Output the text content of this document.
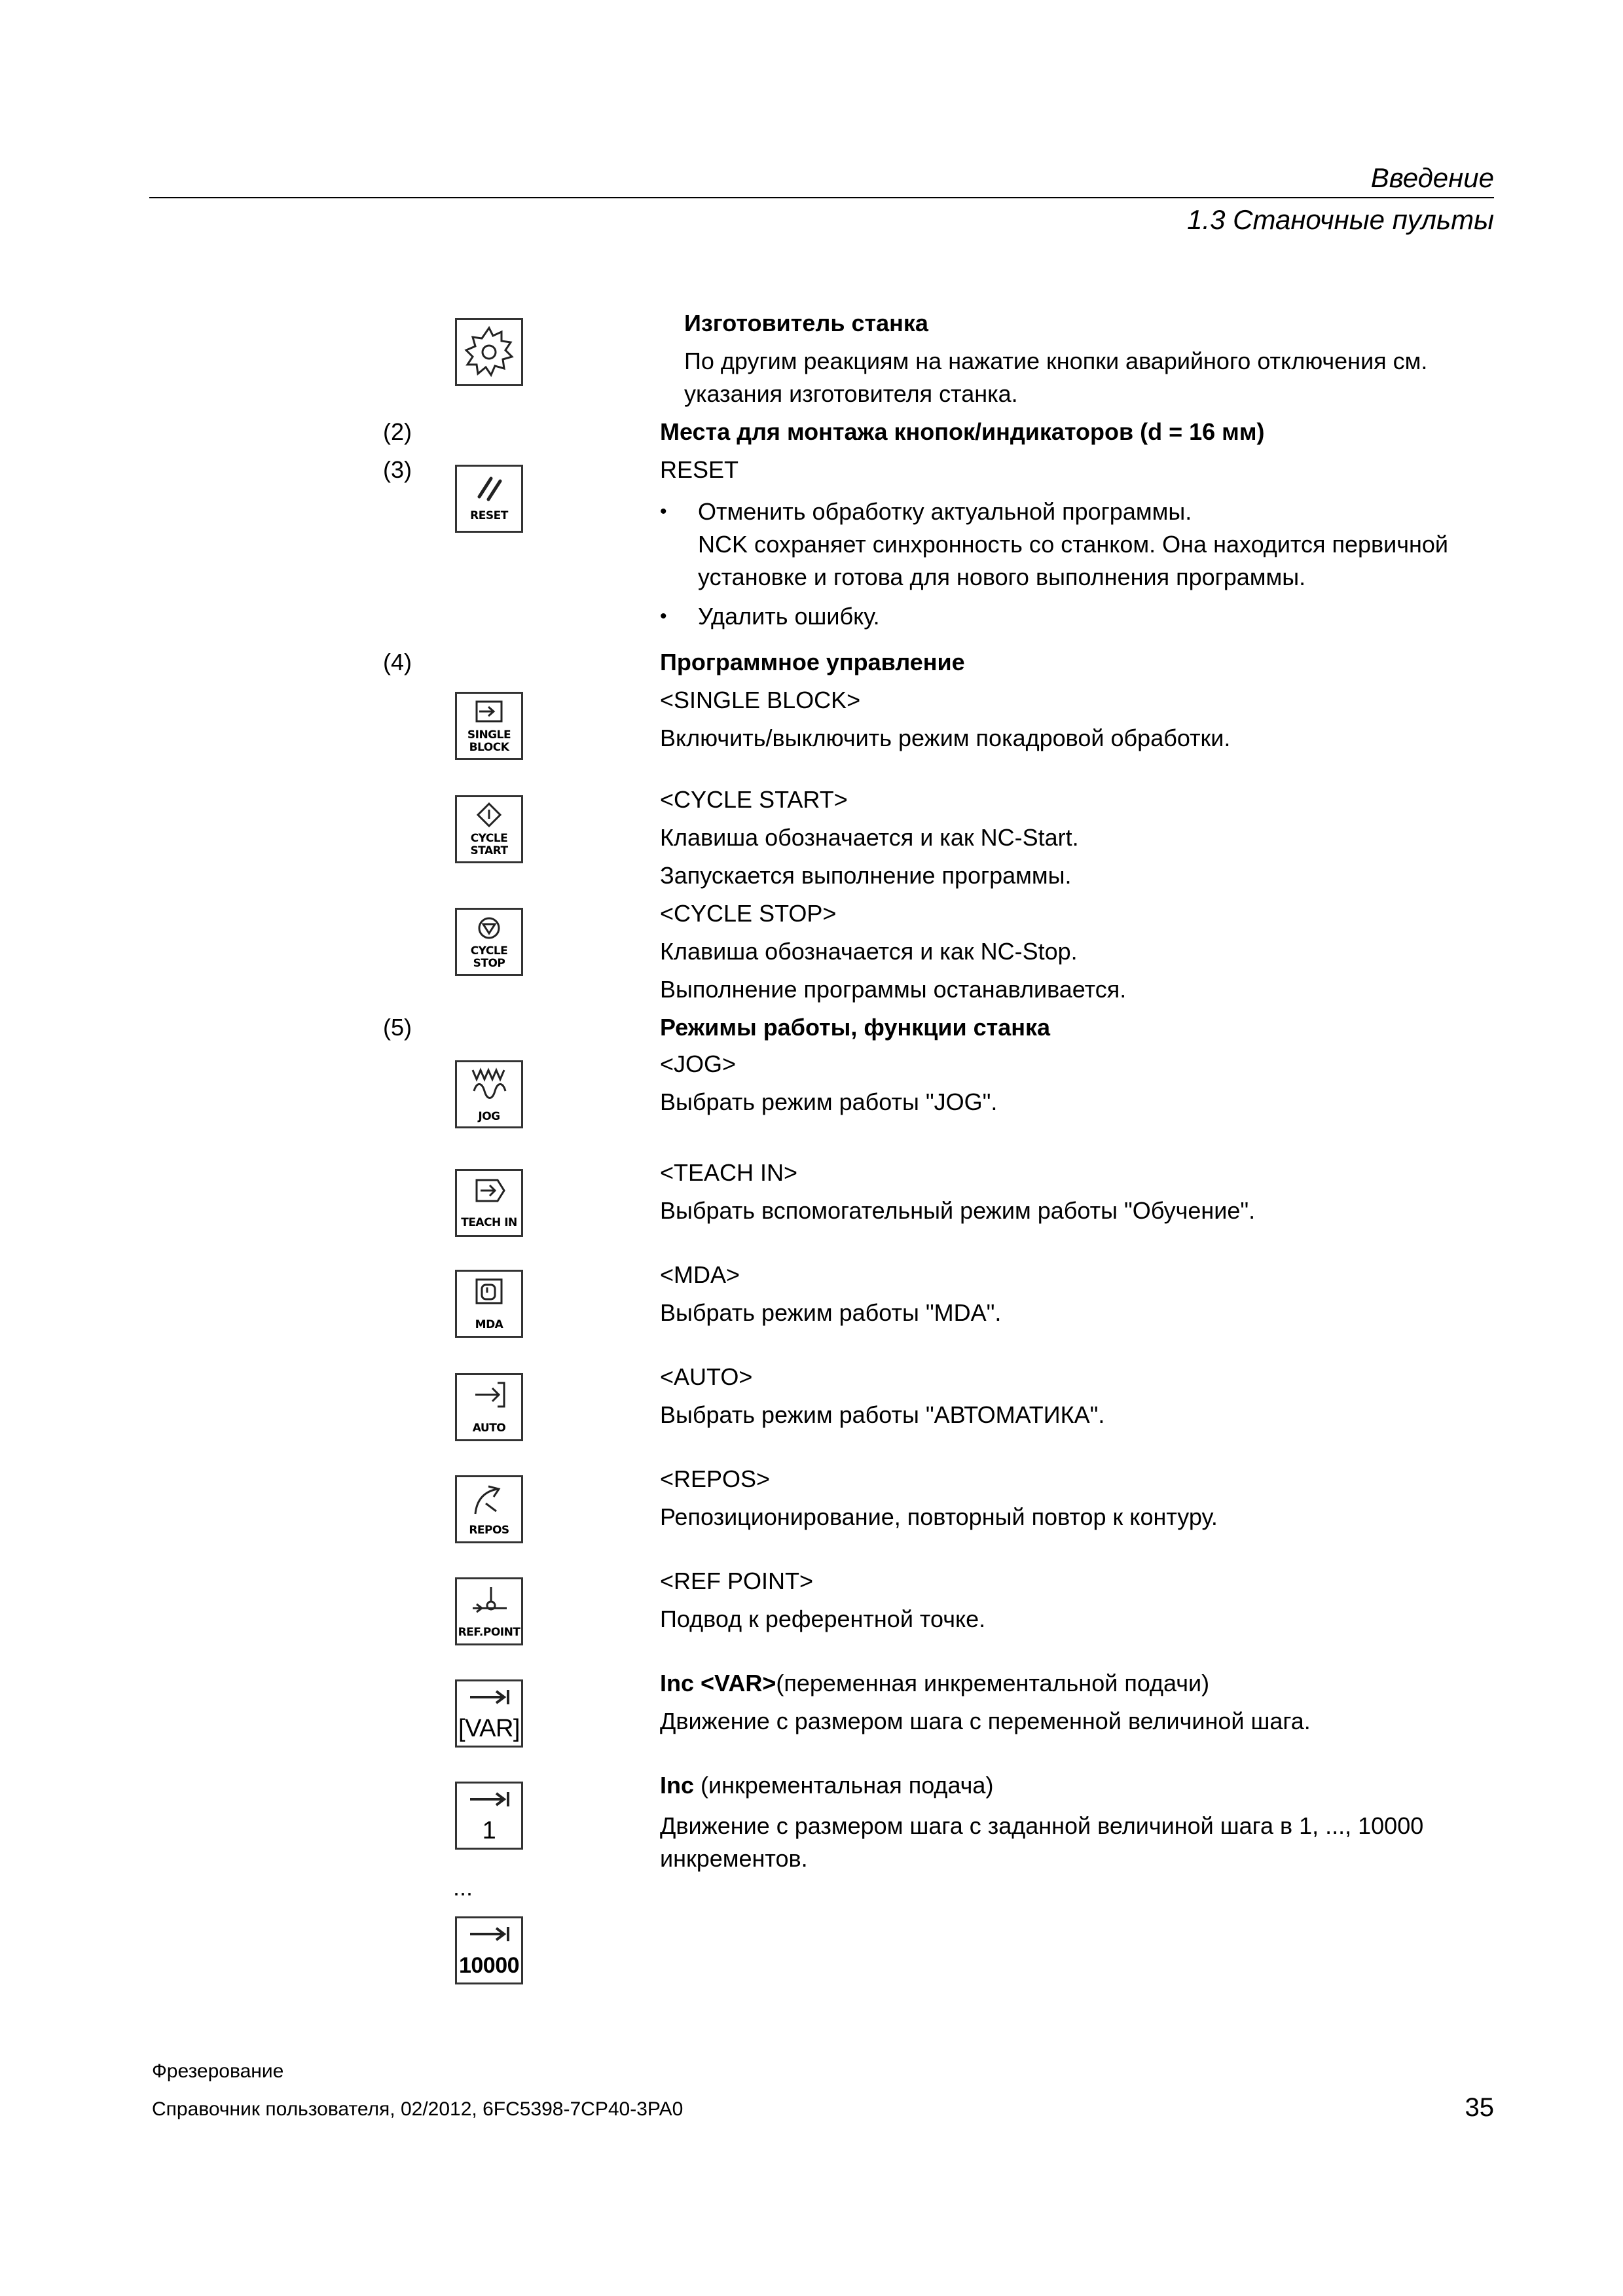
Введение
1.3 Станочные пульты
Изготовитель станка
По другим реакциям на нажатие кнопки аварийного отключения см.
указания изготовителя станка.
(2)	Места для монтажа кнопок/индикаторов (d = 16 мм)
(3)
RESET
RESET
• Отменить обработку актуальной программы.
NCK сохраняет синхронность со станком. Она находится первичной
установке и готова для нового выполнения программы.
• Удалить ошибку.
(4)	Программное управление
SINGLE
BLOCK
<SINGLE BLOCK>
Включить/выключить режим покадровой обработки.
CYCLE
START
<CYCLE START>
Клавиша обозначается и как NC-Start.
Запускается выполнение программы.
CYCLE
STOP
<CYCLE STOP>
Клавиша обозначается и как NC-Stop.
Выполнение программы останавливается.
(5)	Режимы работы, функции станка
JOG
<JOG>
Выбрать режим работы "JOG".
TEACH IN
<TEACH IN>
Выбрать вспомогательный режим работы "Обучение".
MDA
<MDA>
Выбрать режим работы "MDA".
AUTO
<AUTO>
Выбрать режим работы "АВТОМАТИКА".
REPOS
<REPOS>
Репозиционирование, повторный повтор к контуру.
REF.POINT
<REF POINT>
Подвод к референтной точке.
[VAR]
Inc <VAR>(переменная инкрементальной подачи)
Движение с размером шага с переменной величиной шага.
1
Inc (инкрементальная подача)
Движение с размером шага с заданной величиной шага в 1, ..., 10000
инкрементов.
...
10000
Фрезерование
Справочник пользователя, 02/2012, 6FC5398-7CP40-3PA0	35
